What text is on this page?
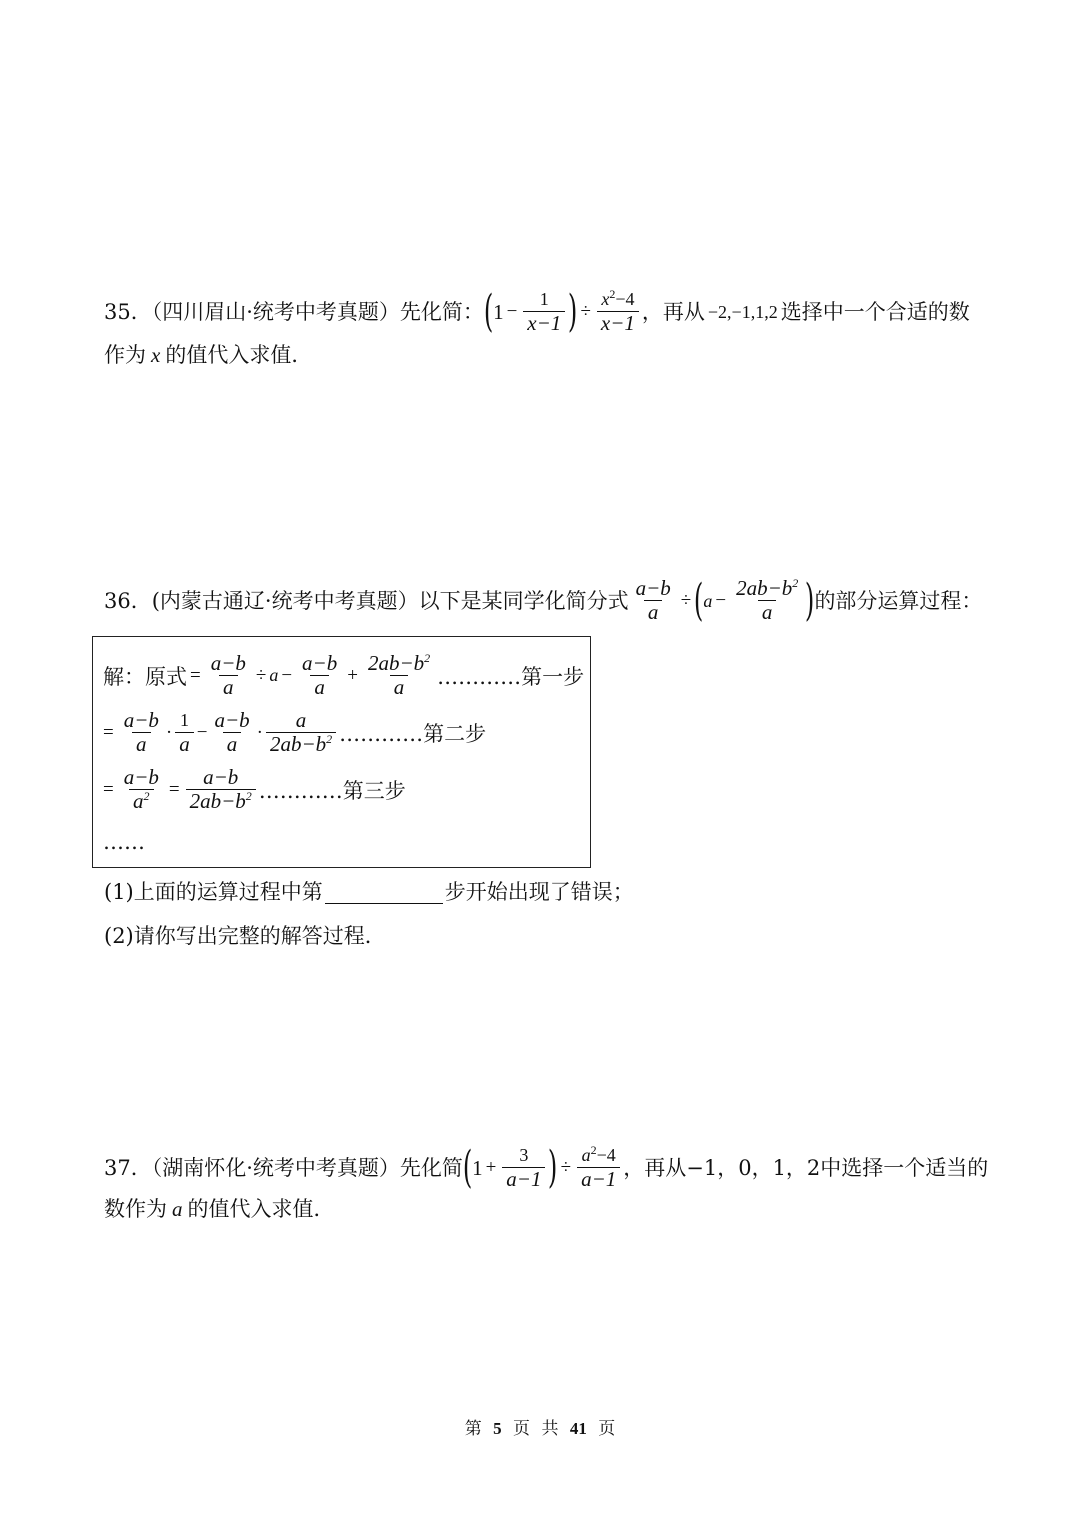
35．（四川眉山·统考中考真题）先化简： ( $1 - \frac{1}{x-1}$ ) ÷ $\frac{x^2-4}{x-1}$ ，再从 −2,−1,1,2 选择中一个合适的数
作为 x 的值代入求值．
36．(内蒙古通辽·统考中考真题）以下是某同学化简分式 $\frac{a-b}{a}$ ÷ ( $a - \frac{2ab-b^2}{a}$ ) 的部分运算过程：
解：原式 = $\frac{a-b}{a} \div a - \frac{a-b}{a} + \frac{2ab-b^2}{a}$ …………第一步
= $\frac{a-b}{a} \cdot \frac{1}{a} - \frac{a-b}{a} \cdot \frac{a}{2ab-b^2}$ …………第二步
= $\frac{a-b}{a^2} = \frac{a-b}{2ab-b^2}$ …………第三步
……
(1)上面的运算过程中第	步开始出现了错误；
(2)请你写出完整的解答过程．
37．（湖南怀化·统考中考真题）先化简 ( $1 + \frac{3}{a-1}$ ) ÷ $\frac{a^2-4}{a-1}$ ，再从 −1，0，1，2 中选择一个适当的
数作为 a 的值代入求值．
第 5 页 共 41 页
